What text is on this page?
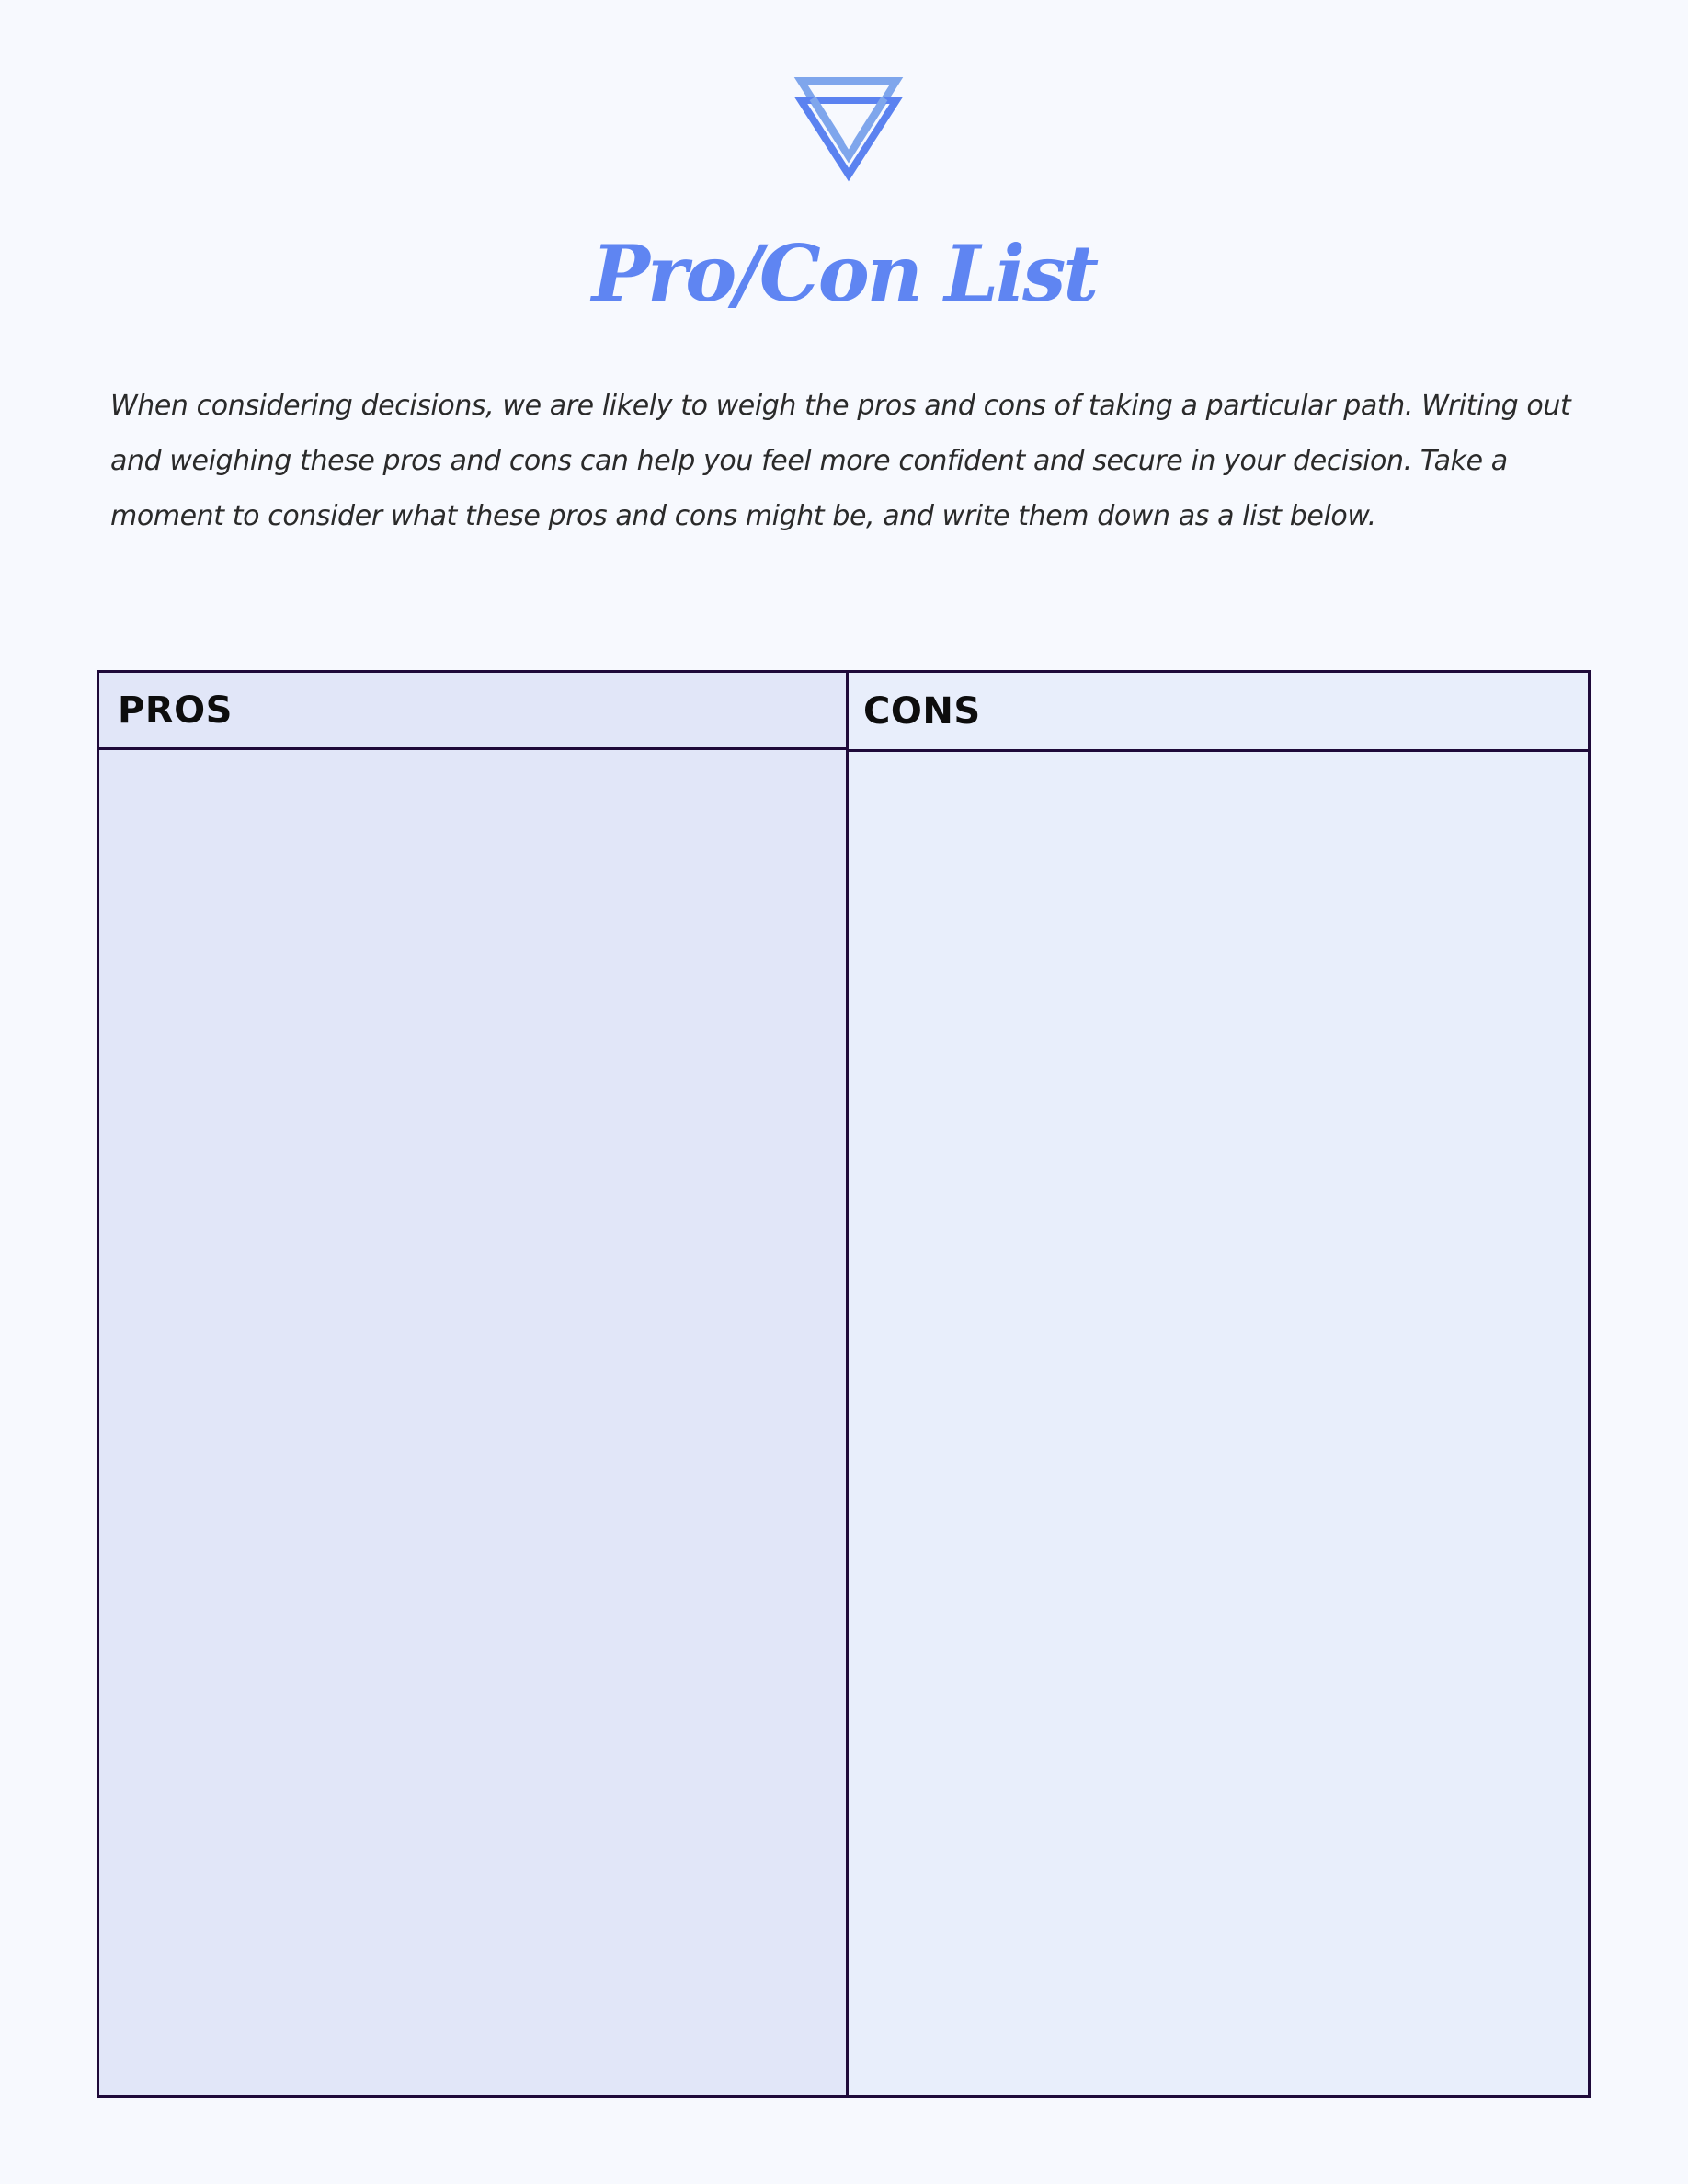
Pro/Con List
When considering decisions, we are likely to weigh the pros and cons of taking a particular path. Writing out and weighing these pros and cons can help you feel more confident and secure in your decision. Take a moment to consider what these pros and cons might be, and write them down as a list below.
PROS	CONS
